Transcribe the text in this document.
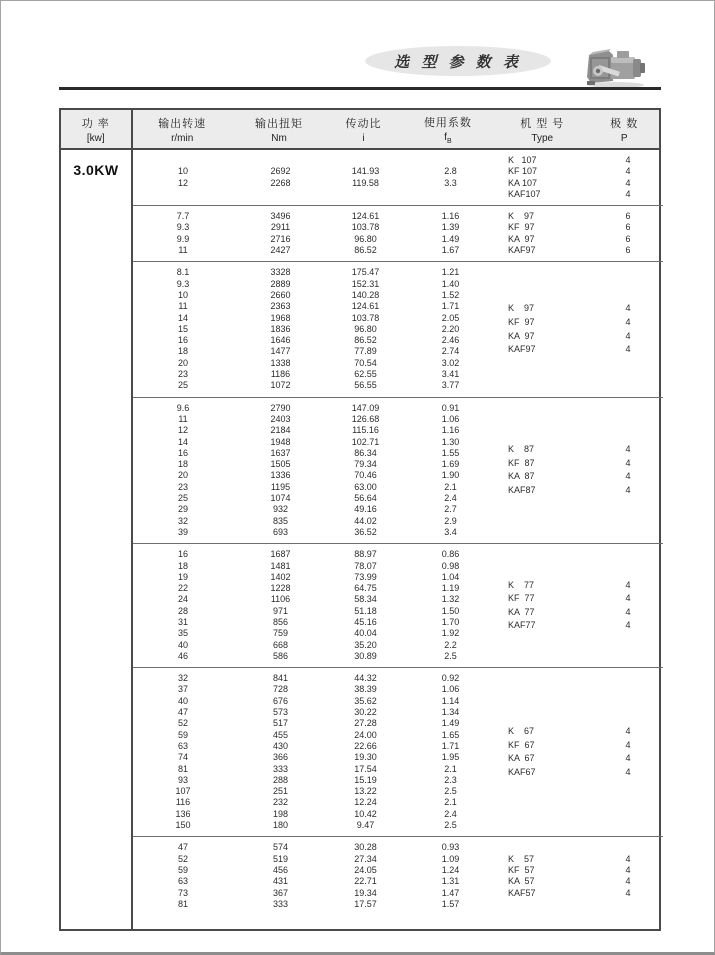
选 型 参 数 表
功 率
[kw]
输出转速
r/min
输出扭矩
Nm
传动比
i
使用系数
$f_B$
机 型 号
Type
极 数
P
3.0KW	10
12
2692
2268
141.93
119.58
2.8
3.3
K   107
KF 107
KA 107
KAF107
4
4
4
4
7.7
9.3
9.9
11
3496
2911
2716
2427
124.61
103.78
96.80
86.52
1.16
1.39
1.49
1.67
K    97
KF  97
KA  97
KAF97
6
6
6
6
8.1
9.3
10
11
14
15
16
18
20
23
25
3328
2889
2660
2363
1968
1836
1646
1477
1338
1186
1072
175.47
152.31
140.28
124.61
103.78
96.80
86.52
77.89
70.54
62.55
56.55
1.21
1.40
1.52
1.71
2.05
2.20
2.46
2.74
3.02
3.41
3.77
K    97
KF  97
KA  97
KAF97
4
4
4
4
9.6
11
12
14
16
18
20
23
25
29
32
39
2790
2403
2184
1948
1637
1505
1336
1195
1074
932
835
693
147.09
126.68
115.16
102.71
86.34
79.34
70.46
63.00
56.64
49.16
44.02
36.52
0.91
1.06
1.16
1.30
1.55
1.69
1.90
2.1
2.4
2.7
2.9
3.4
K    87
KF  87
KA  87
KAF87
4
4
4
4
16
18
19
22
24
28
31
35
40
46
1687
1481
1402
1228
1106
971
856
759
668
586
88.97
78.07
73.99
64.75
58.34
51.18
45.16
40.04
35.20
30.89
0.86
0.98
1.04
1.19
1.32
1.50
1.70
1.92
2.2
2.5
K    77
KF  77
KA  77
KAF77
4
4
4
4
32
37
40
47
52
59
63
74
81
93
107
116
136
150
841
728
676
573
517
455
430
366
333
288
251
232
198
180
44.32
38.39
35.62
30.22
27.28
24.00
22.66
19.30
17.54
15.19
13.22
12.24
10.42
9.47
0.92
1.06
1.14
1.34
1.49
1.65
1.71
1.95
2.1
2.3
2.5
2.1
2.4
2.5
K    67
KF  67
KA  67
KAF67
4
4
4
4
47
52
59
63
73
81
574
519
456
431
367
333
30.28
27.34
24.05
22.71
19.34
17.57
0.93
1.09
1.24
1.31
1.47
1.57
K    57
KF  57
KA  57
KAF57
4
4
4
4
